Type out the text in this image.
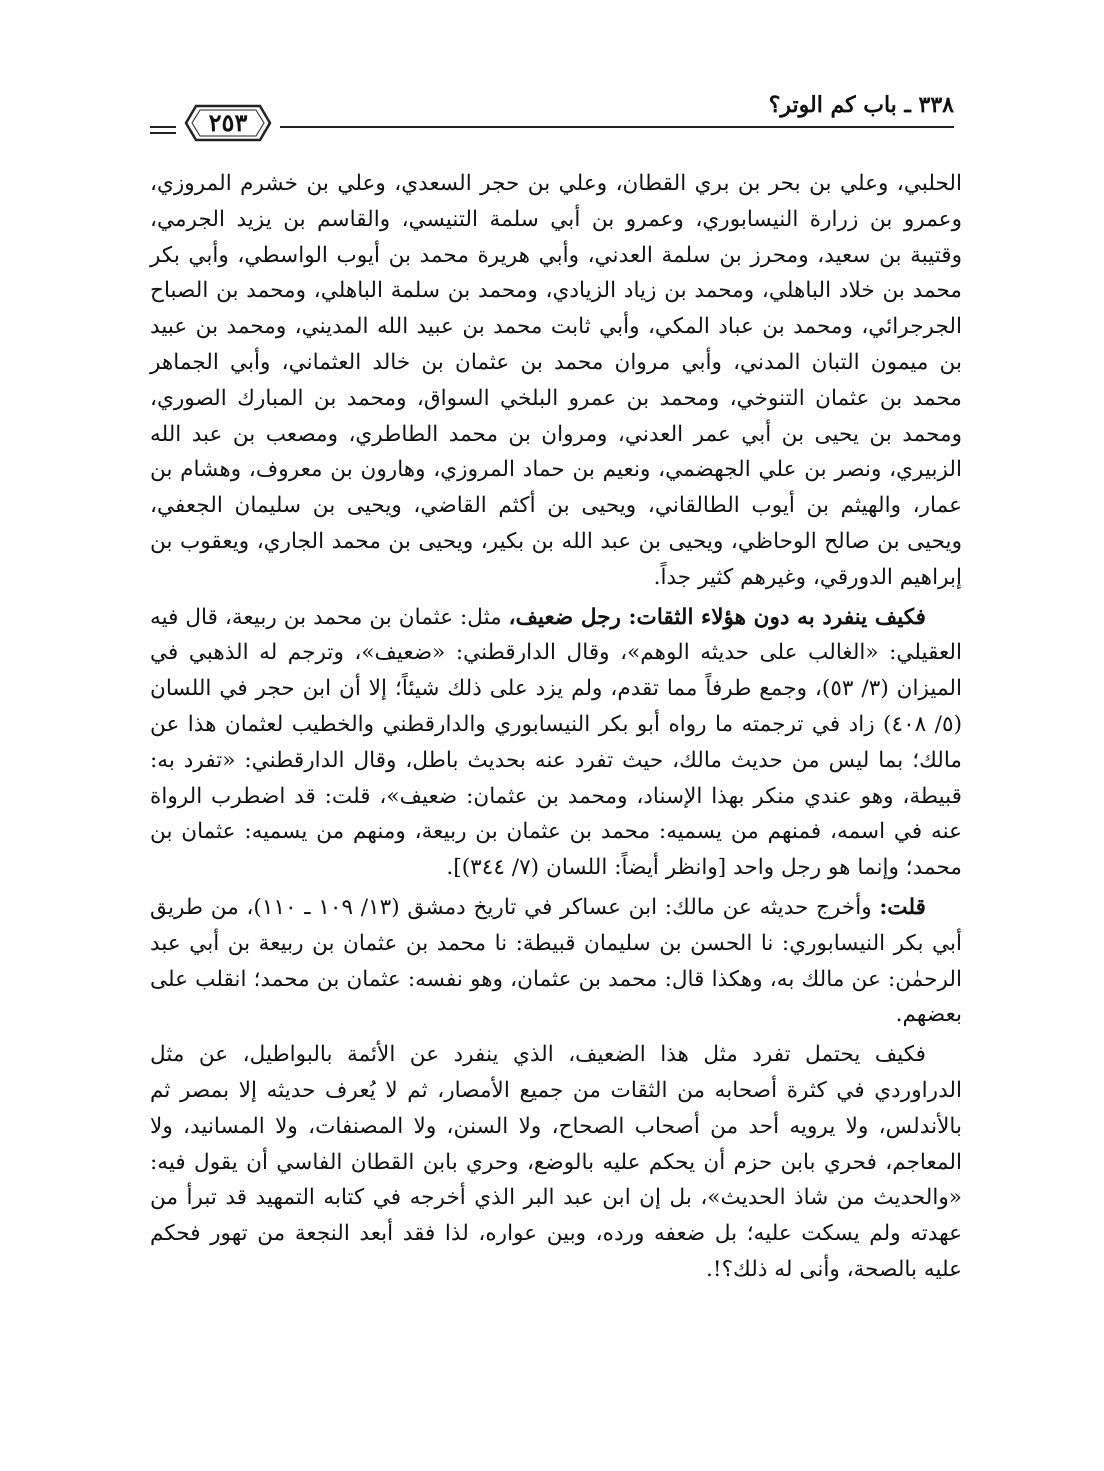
٣٣٨ ـ باب كم الوتر؟
٢٥٣

الحلبي، وعلي بن بحر بن بري القطان، وعلي بن حجر السعدي، وعلي بن خشرم المروزي، وعمرو بن زرارة النيسابوري، وعمرو بن أبي سلمة التنيسي، والقاسم بن يزيد الجرمي، وقتيبة بن سعيد، ومحرز بن سلمة العدني، وأبي هريرة محمد بن أيوب الواسطي، وأبي بكر محمد بن خلاد الباهلي، ومحمد بن زياد الزيادي، ومحمد بن سلمة الباهلي، ومحمد بن الصباح الجرجرائي، ومحمد بن عباد المكي، وأبي ثابت محمد بن عبيد الله المديني، ومحمد بن عبيد بن ميمون التبان المدني، وأبي مروان محمد بن عثمان بن خالد العثماني، وأبي الجماهر محمد بن عثمان التنوخي، ومحمد بن عمرو البلخي السواق، ومحمد بن المبارك الصوري، ومحمد بن يحيى بن أبي عمر العدني، ومروان بن محمد الطاطري، ومصعب بن عبد الله الزبيري، ونصر بن علي الجهضمي، ونعيم بن حماد المروزي، وهارون بن معروف، وهشام بن عمار، والهيثم بن أيوب الطالقاني، ويحيى بن أكثم القاضي، ويحيى بن سليمان الجعفي، ويحيى بن صالح الوحاظي، ويحيى بن عبد الله بن بكير، ويحيى بن محمد الجاري، ويعقوب بن إبراهيم الدورقي، وغيرهم كثير جداً.

فكيف ينفرد به دون هؤلاء الثقات: رجل ضعيف، مثل: عثمان بن محمد بن ربيعة، قال فيه العقيلي: «الغالب على حديثه الوهم»، وقال الدارقطني: «ضعيف»، وترجم له الذهبي في الميزان (٣/ ٥٣)، وجمع طرفاً مما تقدم، ولم يزد على ذلك شيئاً؛ إلا أن ابن حجر في اللسان (٥/ ٤٠٨) زاد في ترجمته ما رواه أبو بكر النيسابوري والدارقطني والخطيب لعثمان هذا عن مالك؛ بما ليس من حديث مالك، حيث تفرد عنه بحديث باطل، وقال الدارقطني: «تفرد به: قبيطة، وهو عندي منكر بهذا الإسناد، ومحمد بن عثمان: ضعيف»، قلت: قد اضطرب الرواة عنه في اسمه، فمنهم من يسميه: محمد بن عثمان بن ربيعة، ومنهم من يسميه: عثمان بن محمد؛ وإنما هو رجل واحد [وانظر أيضاً: اللسان (٧/ ٣٤٤)].

قلت: وأخرج حديثه عن مالك: ابن عساكر في تاريخ دمشق (١٣/ ١٠٩ ـ ١١٠)، من طريق أبي بكر النيسابوري: نا الحسن بن سليمان قبيطة: نا محمد بن عثمان بن ربيعة بن أبي عبد الرحمٰن: عن مالك به، وهكذا قال: محمد بن عثمان، وهو نفسه: عثمان بن محمد؛ انقلب على بعضهم.

فكيف يحتمل تفرد مثل هذا الضعيف، الذي ينفرد عن الأئمة بالبواطيل، عن مثل الدراوردي في كثرة أصحابه من الثقات من جميع الأمصار، ثم لا يُعرف حديثه إلا بمصر ثم بالأندلس، ولا يرويه أحد من أصحاب الصحاح، ولا السنن، ولا المصنفات، ولا المسانيد، ولا المعاجم، فحري بابن حزم أن يحكم عليه بالوضع، وحري بابن القطان الفاسي أن يقول فيه: «والحديث من شاذ الحديث»، بل إن ابن عبد البر الذي أخرجه في كتابه التمهيد قد تبرأ من عهدته ولم يسكت عليه؛ بل ضعفه ورده، وبين عواره، لذا فقد أبعد النجعة من تهور فحكم عليه بالصحة، وأنى له ذلك؟!.
